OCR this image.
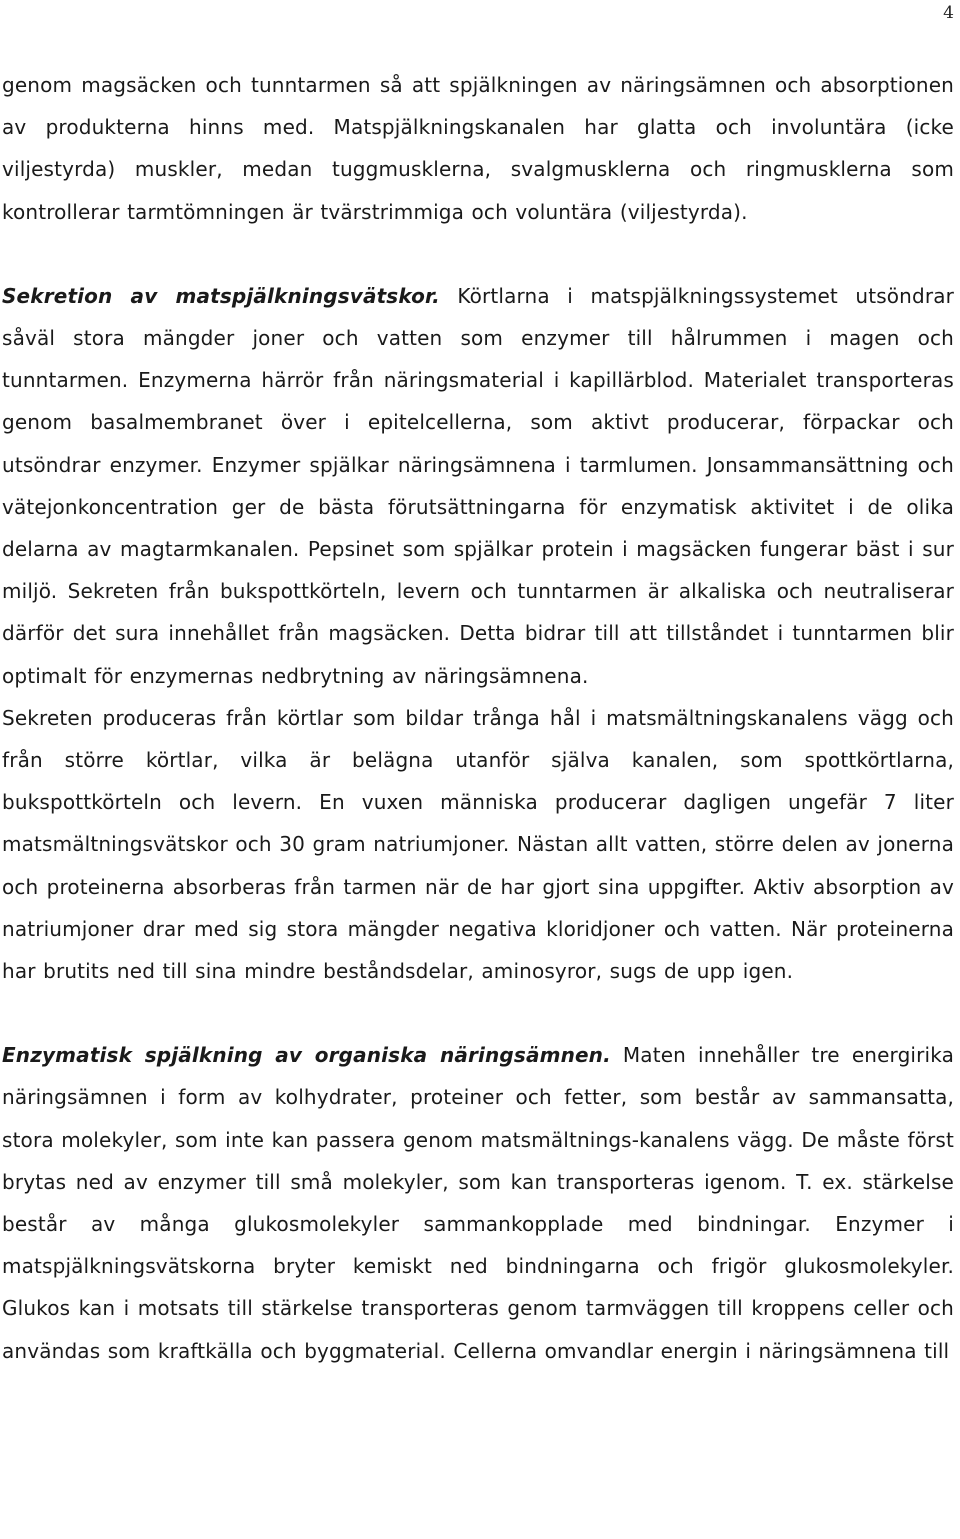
4

genom magsäcken och tunntarmen så att spjälkningen av näringsämnen och absorptionen av produkterna hinns med. Matspjälkningskanalen har glatta och involuntära (icke viljestyrda) muskler, medan tuggmusklerna, svalgmusklerna och ringmusklerna som kontrollerar tarmtömningen är tvärstrimmiga och voluntära (viljestyrda).

Sekretion av matspjälkningsvätskor. Körtlarna i matspjälkningssystemet utsöndrar såväl stora mängder joner och vatten som enzymer till hålrummen i magen och tunntarmen. Enzymerna härrör från näringsmaterial i kapillärblod. Materialet transporteras genom basalmembranet över i epitelcellerna, som aktivt producerar, förpackar och utsöndrar enzymer. Enzymer spjälkar näringsämnena i tarmlumen. Jonsammansättning och vätejonkoncentration ger de bästa förutsättningarna för enzymatisk aktivitet i de olika delarna av magtarmkanalen. Pepsinet som spjälkar protein i magsäcken fungerar bäst i sur miljö. Sekreten från bukspottkörteln, levern och tunntarmen är alkaliska och neutraliserar därför det sura innehållet från magsäcken. Detta bidrar till att tillståndet i tunntarmen blir optimalt för enzymernas nedbrytning av näringsämnena.

Sekreten produceras från körtlar som bildar trånga hål i matsmältningskanalens vägg och från större körtlar, vilka är belägna utanför själva kanalen, som spottkörtlarna, bukspottkörteln och levern. En vuxen människa producerar dagligen ungefär 7 liter matsmältningsvätskor och 30 gram natriumjoner. Nästan allt vatten, större delen av jonerna och proteinerna absorberas från tarmen när de har gjort sina uppgifter. Aktiv absorption av natriumjoner drar med sig stora mängder negativa kloridjoner och vatten. När proteinerna har brutits ned till sina mindre beståndsdelar, aminosyror, sugs de upp igen.

Enzymatisk spjälkning av organiska näringsämnen. Maten innehåller tre energirika näringsämnen i form av kolhydrater, proteiner och fetter, som består av sammansatta, stora molekyler, som inte kan passera genom matsmältnings-kanalens vägg. De måste först brytas ned av enzymer till små molekyler, som kan transporteras igenom. T. ex. stärkelse består av många glukosmolekyler sammankopplade med bindningar. Enzymer i matspjälkningsvätskorna bryter kemiskt ned bindningarna och frigör glukosmolekyler. Glukos kan i motsats till stärkelse transporteras genom tarmväggen till kroppens celler och användas som kraftkälla och byggmaterial. Cellerna omvandlar energin i näringsämnena till
